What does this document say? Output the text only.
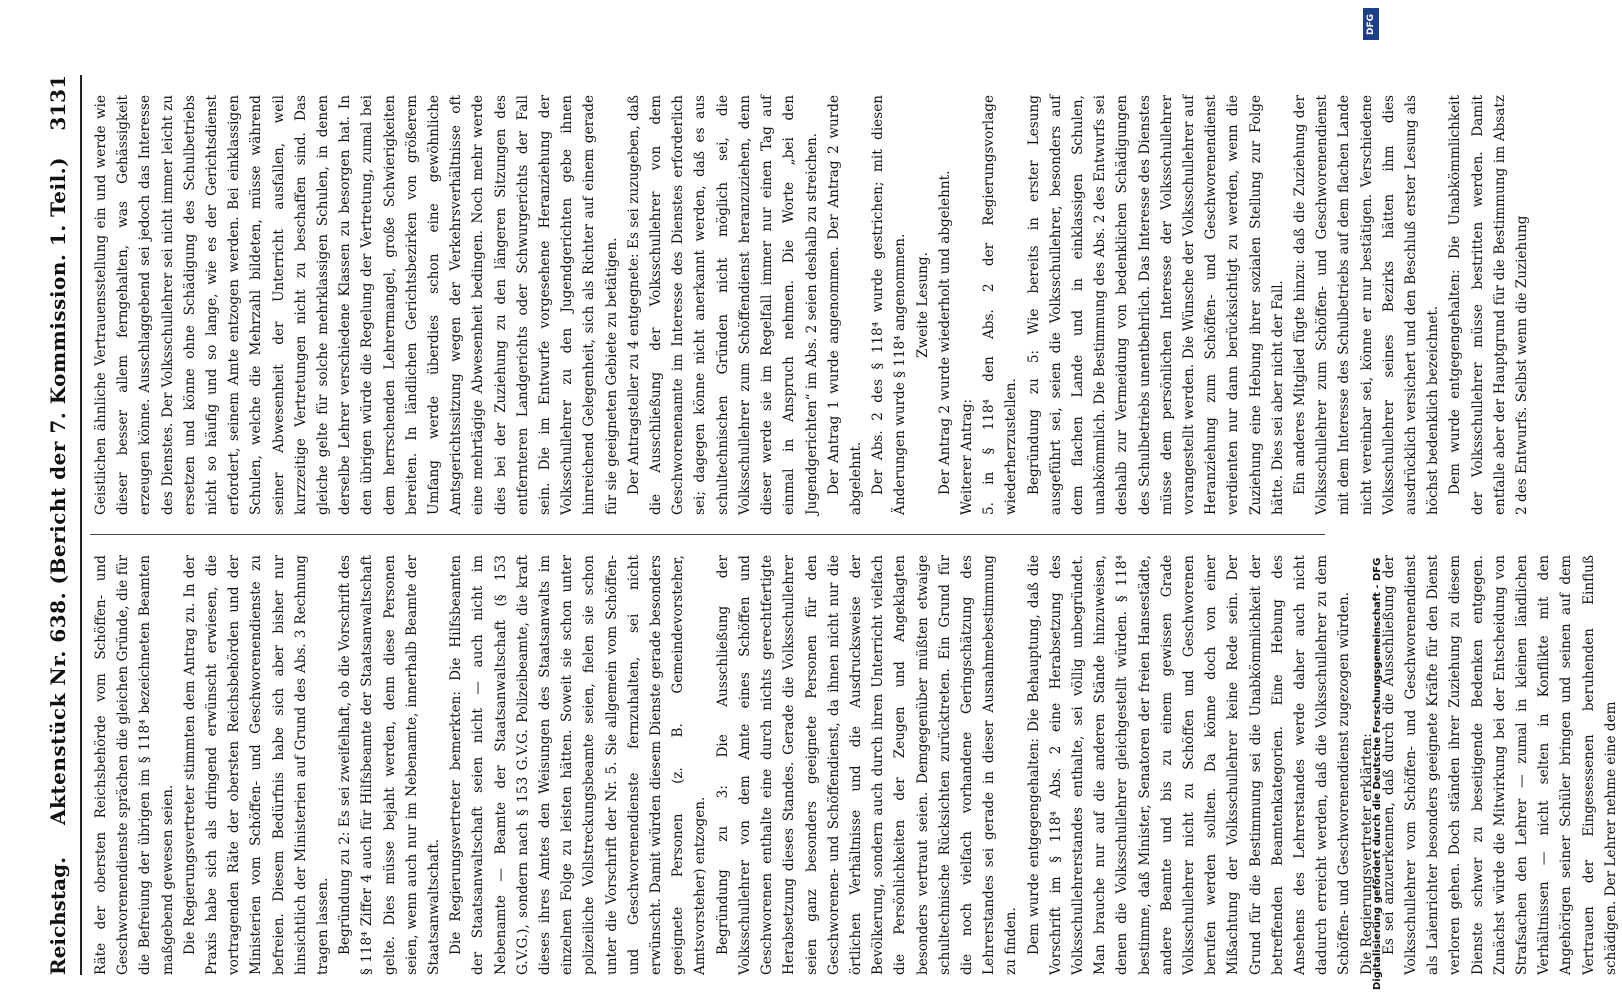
Reichstag.
Aktenstück Nr. 638. (Bericht der 7. Kommission. 1. Teil.)
3131

Räte der obersten Reichsbehörde vom Schöffen- und Geschworenendienste sprächen die gleichen Gründe, die für die Befreiung der übrigen im § 118⁴ bezeichneten Beamten maßgebend gewesen seien. Die Regierungsvertreter stimmten dem Antrag zu. In der Praxis habe sich als dringend erwünscht erwiesen, die vortragenden Räte der obersten Reichsbehörden und der Ministerien vom Schöffen- und Geschworenendienste zu befreien. Diesem Bedürfnis habe sich aber bisher nur hinsichtlich der Ministerien auf Grund des Abs. 3 Rechnung tragen lassen. Begründung zu 2: Es sei zweifelhaft, ob die Vorschrift des § 118⁴ Ziffer 4 auch für Hilfsbeamte der Staatsanwaltschaft gelte. Dies müsse bejaht werden, denn diese Personen seien, wenn auch nur im Nebenamte, innerhalb Beamte der Staatsanwaltschaft. Die Regierungsvertreter bemerkten: Die Hilfsbeamten der Staatsanwaltschaft seien nicht — auch nicht im Nebenamte — Beamte der Staatsanwaltschaft (§ 153 G.V.G.), sondern nach § 153 G.V.G. Polizeibeamte, die kraft dieses ihres Amtes den Weisungen des Staatsanwalts im einzelnen Folge zu leisten hätten. Soweit sie schon unter polizeiliche Vollstreckungsbeamte seien, fielen sie schon unter die Vorschrift der Nr. 5. Sie allgemein vom Schöffen- und Geschworenendienste fernzuhalten, sei nicht erwünscht. Damit würden diesem Dienste gerade besonders geeignete Personen (z. B. Gemeindevorsteher, Amtsvorsteher) entzogen. Begründung zu 3: Die Ausschließung der Volksschullehrer von dem Amte eines Schöffen und Geschworenen enthalte eine durch nichts gerechtfertigte Herabsetzung dieses Standes. Gerade die Volksschullehrer seien ganz besonders geeignete Personen für den Geschworenen- und Schöffendienst, da ihnen nicht nur die örtlichen Verhältnisse und die Ausdrucksweise der Bevölkerung, sondern auch durch ihren Unterricht vielfach die Persönlichkeiten der Zeugen und Angeklagten besonders vertraut seien. Demgegenüber müßten etwaige schultechnische Rücksichten zurücktreten. Ein Grund für die noch vielfach vorhandene Geringschätzung des Lehrerstandes sei gerade in dieser Ausnahmebestimmung zu finden. Dem wurde entgegengehalten: Die Behauptung, daß die Vorschrift im § 118⁴ Abs. 2 eine Herabsetzung des Volksschullehrerstandes enthalte, sei völlig unbegründet. Man brauche nur auf die anderen Stände hinzuweisen, denen die Volksschullehrer gleichgestellt würden. § 118⁴ bestimme, daß Minister, Senatoren der freien Hansestädte, andere Beamte und bis zu einem gewissen Grade Volksschullehrer nicht zu Schöffen und Geschworenen berufen werden sollten. Da könne doch von einer Mißachtung der Volksschullehrer keine Rede sein. Der Grund für die Bestimmung sei die Unabkömmlichkeit der betreffenden Beamtenkategorien. Eine Hebung des Ansehens des Lehrerstandes werde daher auch nicht dadurch erreicht werden, daß die Volksschullehrer zu dem Schöffen- und Geschworenendienst zugezogen würden. Die Regierungsvertreter erklärten: Es sei anzuerkennen, daß durch die Ausschließung der Volksschullehrer vom Schöffen- und Geschworenendienst als Laienrichter besonders geeignete Kräfte für den Dienst verloren gehen. Doch ständen ihrer Zuziehung zu diesem Dienste schwer zu beseitigende Bedenken entgegen. Zunächst würde die Mitwirkung bei der Entscheidung von Strafsachen den Lehrer — zumal in kleinen ländlichen Verhältnissen — nicht selten in Konflikte mit den Angehörigen seiner Schüler bringen und seinen auf dem Vertrauen der Eingesessenen beruhenden Einfluß schädigen. Der Lehrer nehme eine dem

Geistlichen ähnliche Vertrauensstellung ein und werde wie dieser besser allem ferngehalten, was Gehässigkeit erzeugen könne. Ausschlaggebend sei jedoch das Interesse des Dienstes. Der Volksschullehrer sei nicht immer leicht zu ersetzen und könne ohne Schädigung des Schulbetriebs nicht so häufig und so lange, wie es der Gerichtsdienst erfordert, seinem Amte entzogen werden. Bei einklassigen Schulen, welche die Mehrzahl bildeten, müsse während seiner Abwesenheit der Unterricht ausfallen, weil kurzzeitige Vertretungen nicht zu beschaffen sind. Das gleiche gelte für solche mehrklassigen Schulen, in denen derselbe Lehrer verschiedene Klassen zu besorgen hat. In den übrigen würde die Regelung der Vertretung, zumal bei dem herrschenden Lehrermangel, große Schwierigkeiten bereiten. In ländlichen Gerichtsbezirken von größerem Umfang werde überdies schon eine gewöhnliche Amtsgerichtssitzung wegen der Verkehrsverhältnisse oft eine mehrtägige Abwesenheit bedingen. Noch mehr werde dies bei der Zuziehung zu den längeren Sitzungen des entfernteren Landgerichts oder Schwurgerichts der Fall sein. Die im Entwurfe vorgesehene Heranziehung der Volksschullehrer zu den Jugendgerichten gebe ihnen hinreichend Gelegenheit, sich als Richter auf einem gerade für sie geeigneten Gebiete zu betätigen. Der Antragsteller zu 4 entgegnete: Es sei zuzugeben, daß die Ausschließung der Volksschullehrer von dem Geschworenenamte im Interesse des Dienstes erforderlich sei; dagegen könne nicht anerkannt werden, daß es aus schultechnischen Gründen nicht möglich sei, die Volksschullehrer zum Schöffendienst heranzuziehen, denn dieser werde sie im Regelfall immer nur einen Tag auf einmal in Anspruch nehmen. Die Worte „bei den Jugendgerichten“ im Abs. 2 seien deshalb zu streichen. Der Antrag 1 wurde angenommen. Der Antrag 2 wurde abgelehnt. Der Abs. 2 des § 118⁴ wurde gestrichen; mit diesen Änderungen wurde § 118⁴ angenommen. Zweite Lesung. Der Antrag 2 wurde wiederholt und abgelehnt. Weiterer Antrag: 5. in § 118⁴ den Abs. 2 der Regierungsvorlage wiederherzustellen. Begründung zu 5: Wie bereits in erster Lesung ausgeführt sei, seien die Volksschullehrer, besonders auf dem flachen Lande und in einklassigen Schulen, unabkömmlich. Die Bestimmung des Abs. 2 des Entwurfs sei deshalb zur Vermeidung von bedenklichen Schädigungen des Schulbetriebs unentbehrlich. Das Interesse des Dienstes müsse dem persönlichen Interesse der Volksschullehrer vorangestellt werden. Die Wünsche der Volksschullehrer auf Heranziehung zum Schöffen- und Geschworenendienst verdienten nur dann berücksichtigt zu werden, wenn die Zuziehung eine Hebung ihrer sozialen Stellung zur Folge hätte. Dies sei aber nicht der Fall. Ein anderes Mitglied fügte hinzu: daß die Zuziehung der Volksschullehrer zum Schöffen- und Geschworenendienst mit dem Interesse des Schulbetriebs auf dem flachen Lande nicht vereinbar sei, könne er nur bestätigen. Verschiedene Volksschullehrer seines Bezirks hätten ihm dies ausdrücklich versichert und den Beschluß erster Lesung als höchst bedenklich bezeichnet. Dem wurde entgegengehalten: Die Unabkömmlichkeit der Volksschullehrer müsse bestritten werden. Damit entfalle aber der Hauptgrund für die Bestimmung im Absatz 2 des Entwurfs. Selbst wenn die Zuziehung

DFG
Digitalisierung gefördert durch die Deutsche Forschungsgemeinschaft - DFG
